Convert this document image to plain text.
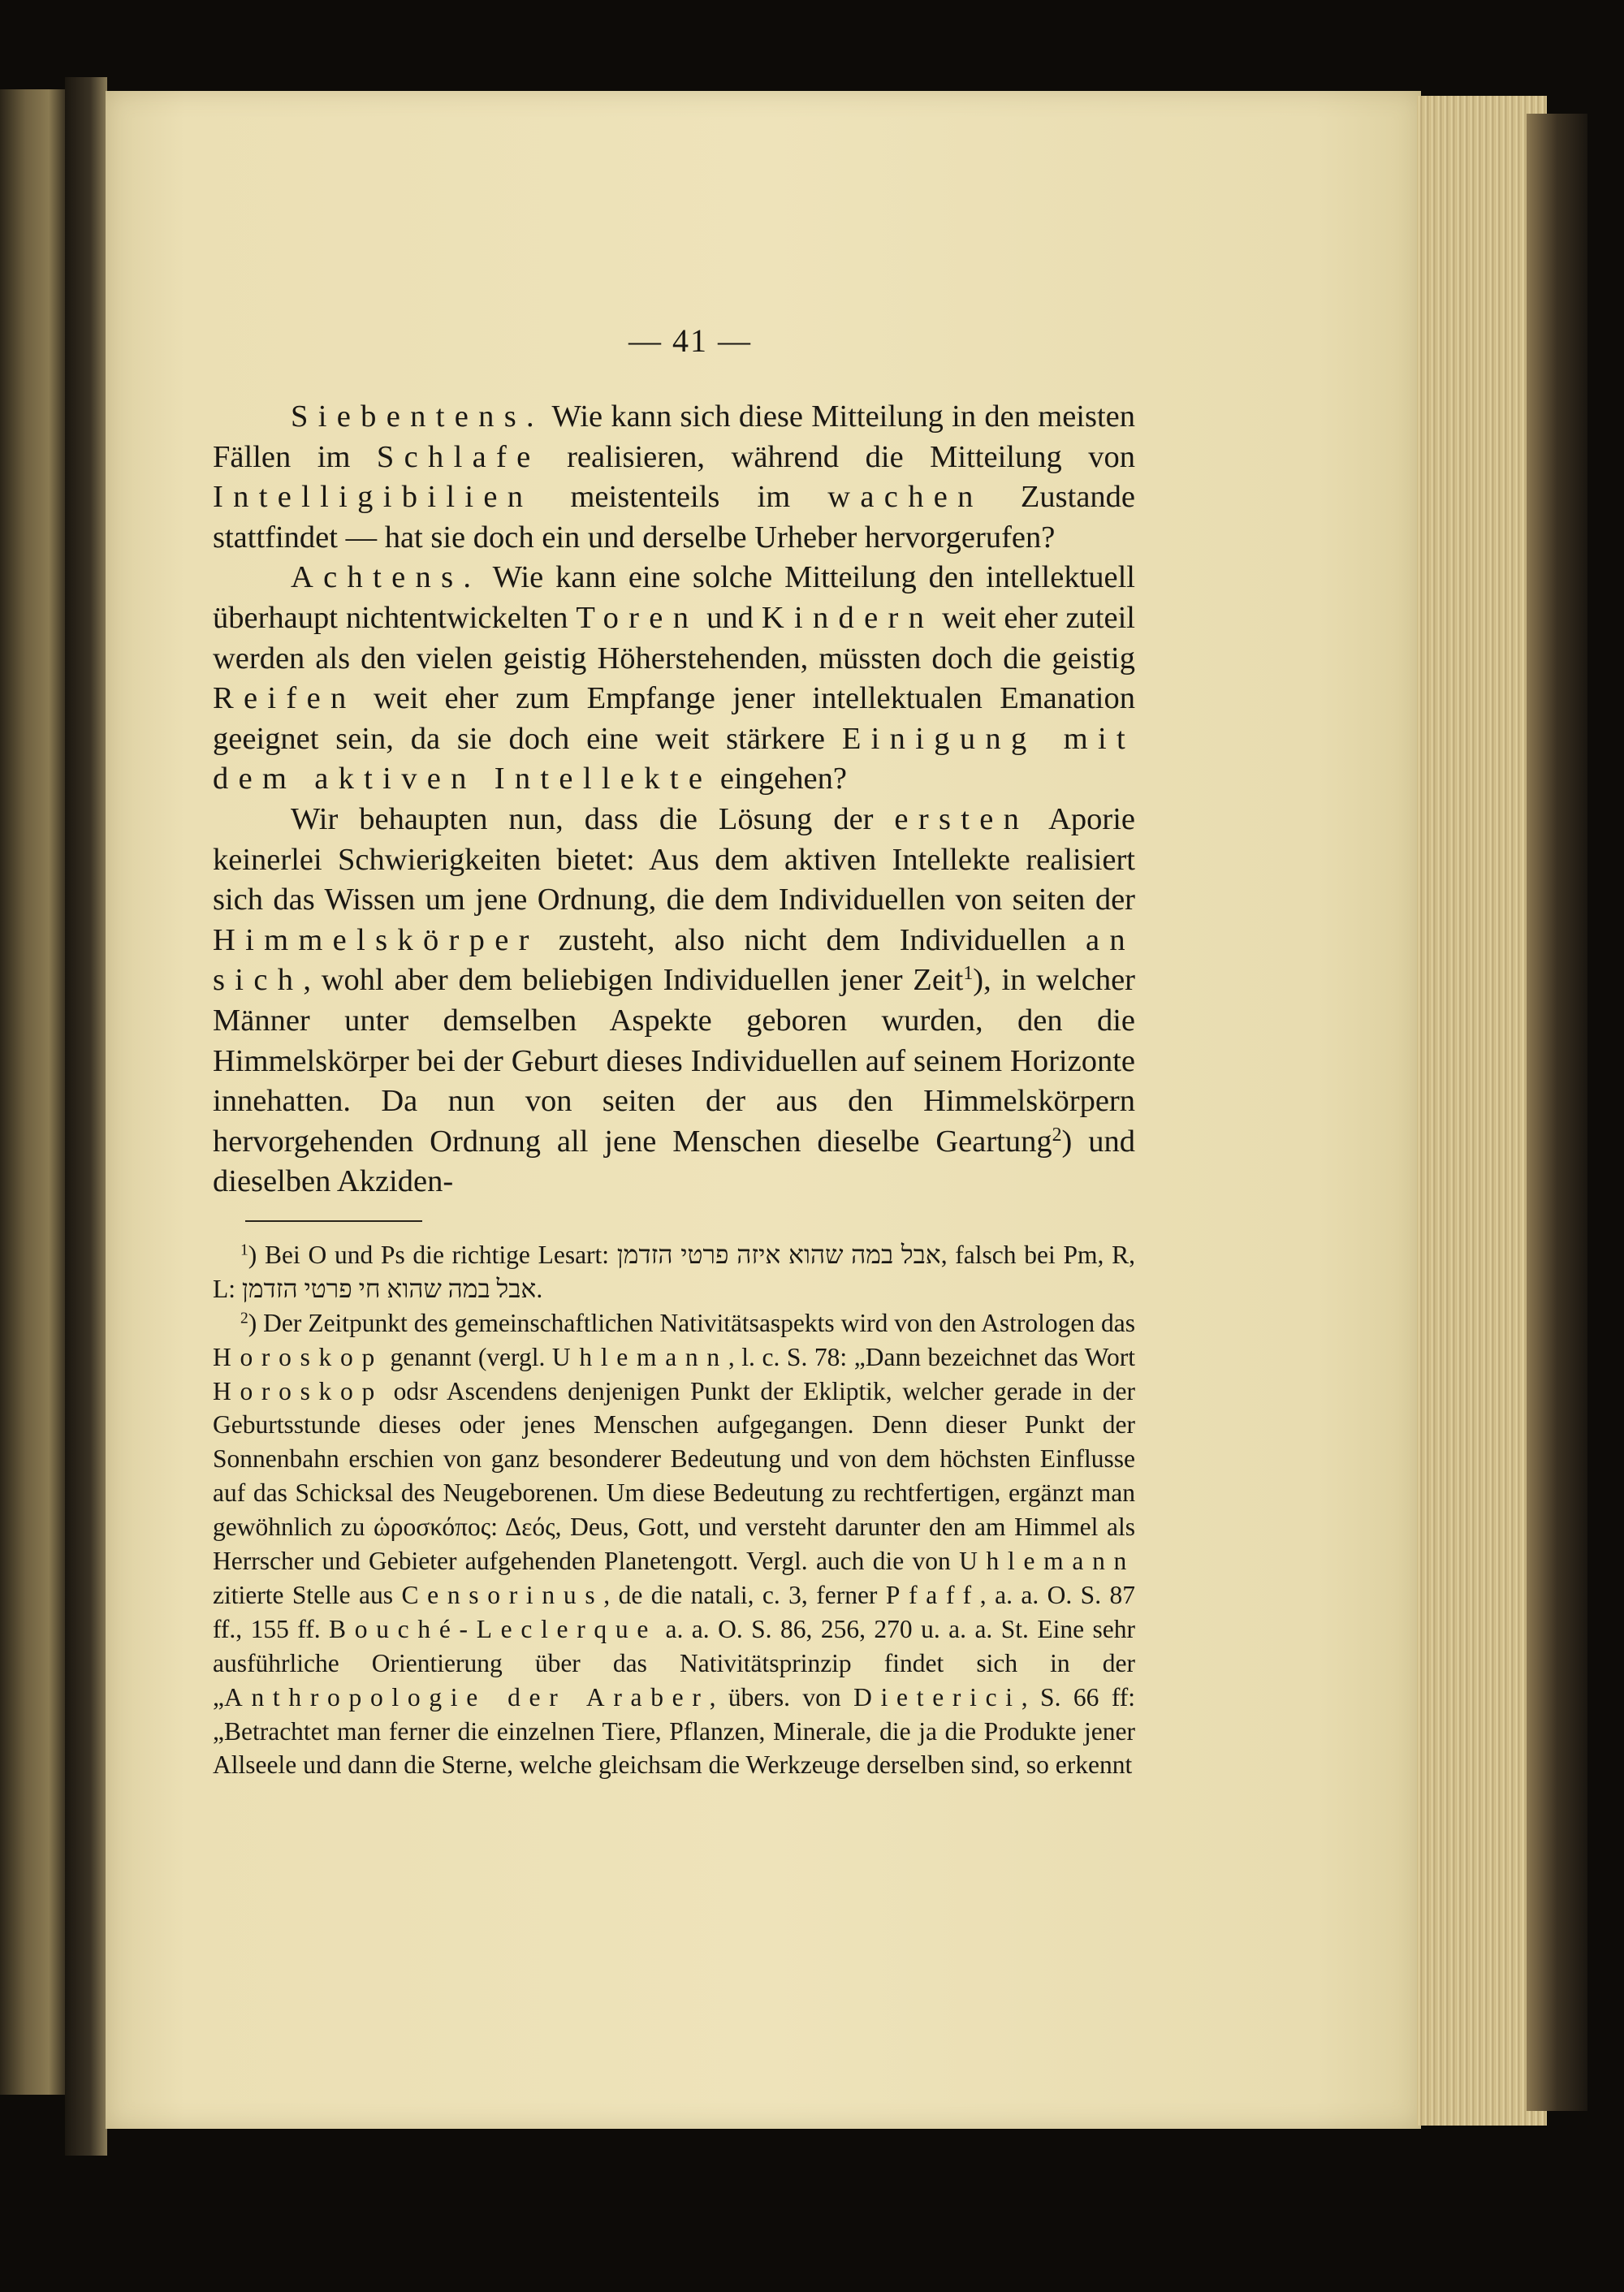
— 41 —

Siebentens. Wie kann sich diese Mitteilung in den meisten Fällen im Schlafe realisieren, während die Mitteilung von Intelligibilien meistenteils im wachen Zustande stattfindet — hat sie doch ein und derselbe Urheber hervorgerufen?

Achtens. Wie kann eine solche Mitteilung den intellektuell überhaupt nichtentwickelten Toren und Kindern weit eher zuteil werden als den vielen geistig Höherstehenden, müssten doch die geistig Reifen weit eher zum Empfange jener intellektualen Emanation geeignet sein, da sie doch eine weit stärkere Einigung mit dem aktiven Intellekte eingehen?

Wir behaupten nun, dass die Lösung der ersten Aporie keinerlei Schwierigkeiten bietet: Aus dem aktiven Intellekte realisiert sich das Wissen um jene Ordnung, die dem Individuellen von seiten der Himmelskörper zusteht, also nicht dem Individuellen an sich, wohl aber dem beliebigen Individuellen jener Zeit$^1$), in welcher Männer unter demselben Aspekte geboren wurden, den die Himmelskörper bei der Geburt dieses Individuellen auf seinem Horizonte innehatten. Da nun von seiten der aus den Himmelskörpern hervorgehenden Ordnung all jene Menschen dieselbe Geartung$^2$) und dieselben Akziden-

$^1$) Bei O und Ps die richtige Lesart: אבל במה שהוא איזה פרטי הזדמן, falsch bei Pm, R, L: אבל במה שהוא חי פרטי הזדמן.

$^2$) Der Zeitpunkt des gemeinschaftlichen Nativitätsaspekts wird von den Astrologen das Horoskop genannt (vergl. Uhlemann, l. c. S. 78: „Dann bezeichnet das Wort Horoskop odsr Ascendens denjenigen Punkt der Ekliptik, welcher gerade in der Geburtsstunde dieses oder jenes Menschen aufgegangen. Denn dieser Punkt der Sonnenbahn erschien von ganz besonderer Bedeutung und von dem höchsten Einflusse auf das Schicksal des Neugeborenen. Um diese Bedeutung zu rechtfertigen, ergänzt man gewöhnlich zu ὡροσκόπος: Δεός, Deus, Gott, und versteht darunter den am Himmel als Herrscher und Gebieter aufgehenden Planetengott. Vergl. auch die von Uhlemann zitierte Stelle aus Censorinus, de die natali, c. 3, ferner Pfaff, a. a. O. S. 87 ff., 155 ff. Bouché-Leclerque a. a. O. S. 86, 256, 270 u. a. a. St. Eine sehr ausführliche Orientierung über das Nativitätsprinzip findet sich in der „Anthropologie der Araber, übers. von Dieterici, S. 66 ff: „Betrachtet man ferner die einzelnen Tiere, Pflanzen, Minerale, die ja die Produkte jener Allseele und dann die Sterne, welche gleichsam die Werkzeuge derselben sind, so erkennt
